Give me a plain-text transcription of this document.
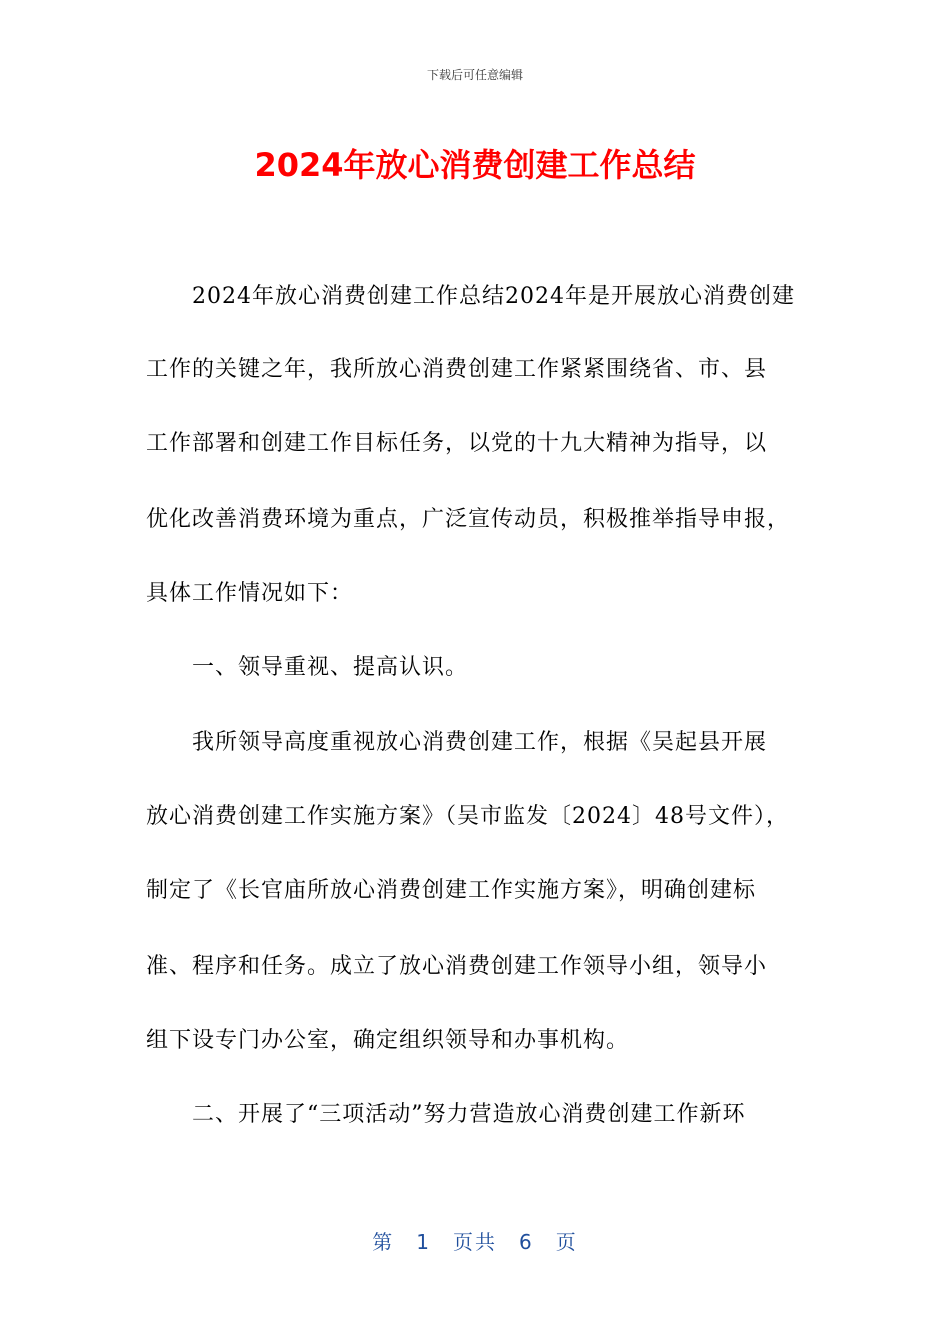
下载后可任意编辑
2024年放心消费创建工作总结
2024年放心消费创建工作总结2024年是开展放心消费创建
工作的关键之年，我所放心消费创建工作紧紧围绕省、市、县
工作部署和创建工作目标任务，以党的十九大精神为指导，以
优化改善消费环境为重点，广泛宣传动员，积极推举指导申报，
具体工作情况如下：
一、领导重视、提高认识。
我所领导高度重视放心消费创建工作，根据《吴起县开展
放心消费创建工作实施方案》（吴市监发〔2024〕48号文件），
制定了《长官庙所放心消费创建工作实施方案》，明确创建标
准、程序和任务。成立了放心消费创建工作领导小组，领导小
组下设专门办公室，确定组织领导和办事机构。
二、开展了“三项活动”努力营造放心消费创建工作新环
第 1 页共 6 页
